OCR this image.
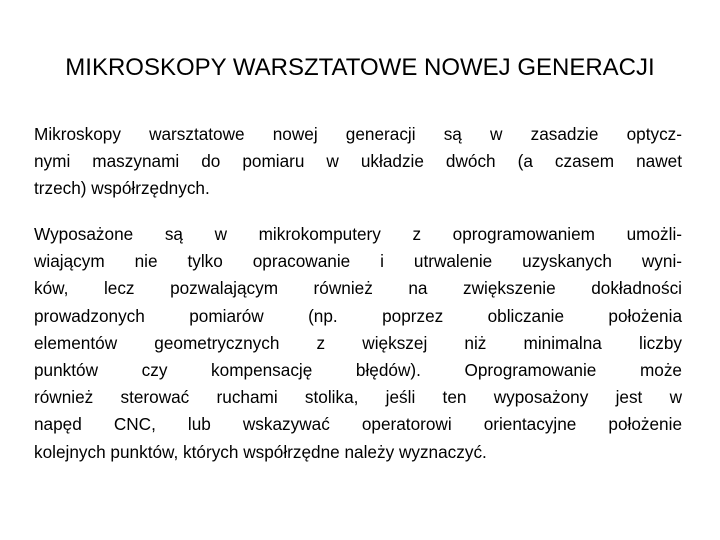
MIKROSKOPY WARSZTATOWE NOWEJ GENERACJI
Mikroskopy warsztatowe nowej generacji są w zasadzie optycz-
nymi maszynami do pomiaru w układzie dwóch (a czasem nawet
trzech) współrzędnych.
Wyposażone są w mikrokomputery z oprogramowaniem umożli-
wiającym nie tylko opracowanie i utrwalenie uzyskanych wyni-
ków, lecz pozwalającym również na zwiększenie dokładności
prowadzonych pomiarów (np. poprzez obliczanie położenia
elementów geometrycznych z większej niż minimalna liczby
punktów czy kompensację błędów). Oprogramowanie może
również sterować ruchami stolika, jeśli ten wyposażony jest w
napęd CNC, lub wskazywać operatorowi orientacyjne położenie
kolejnych punktów, których współrzędne należy wyznaczyć.
